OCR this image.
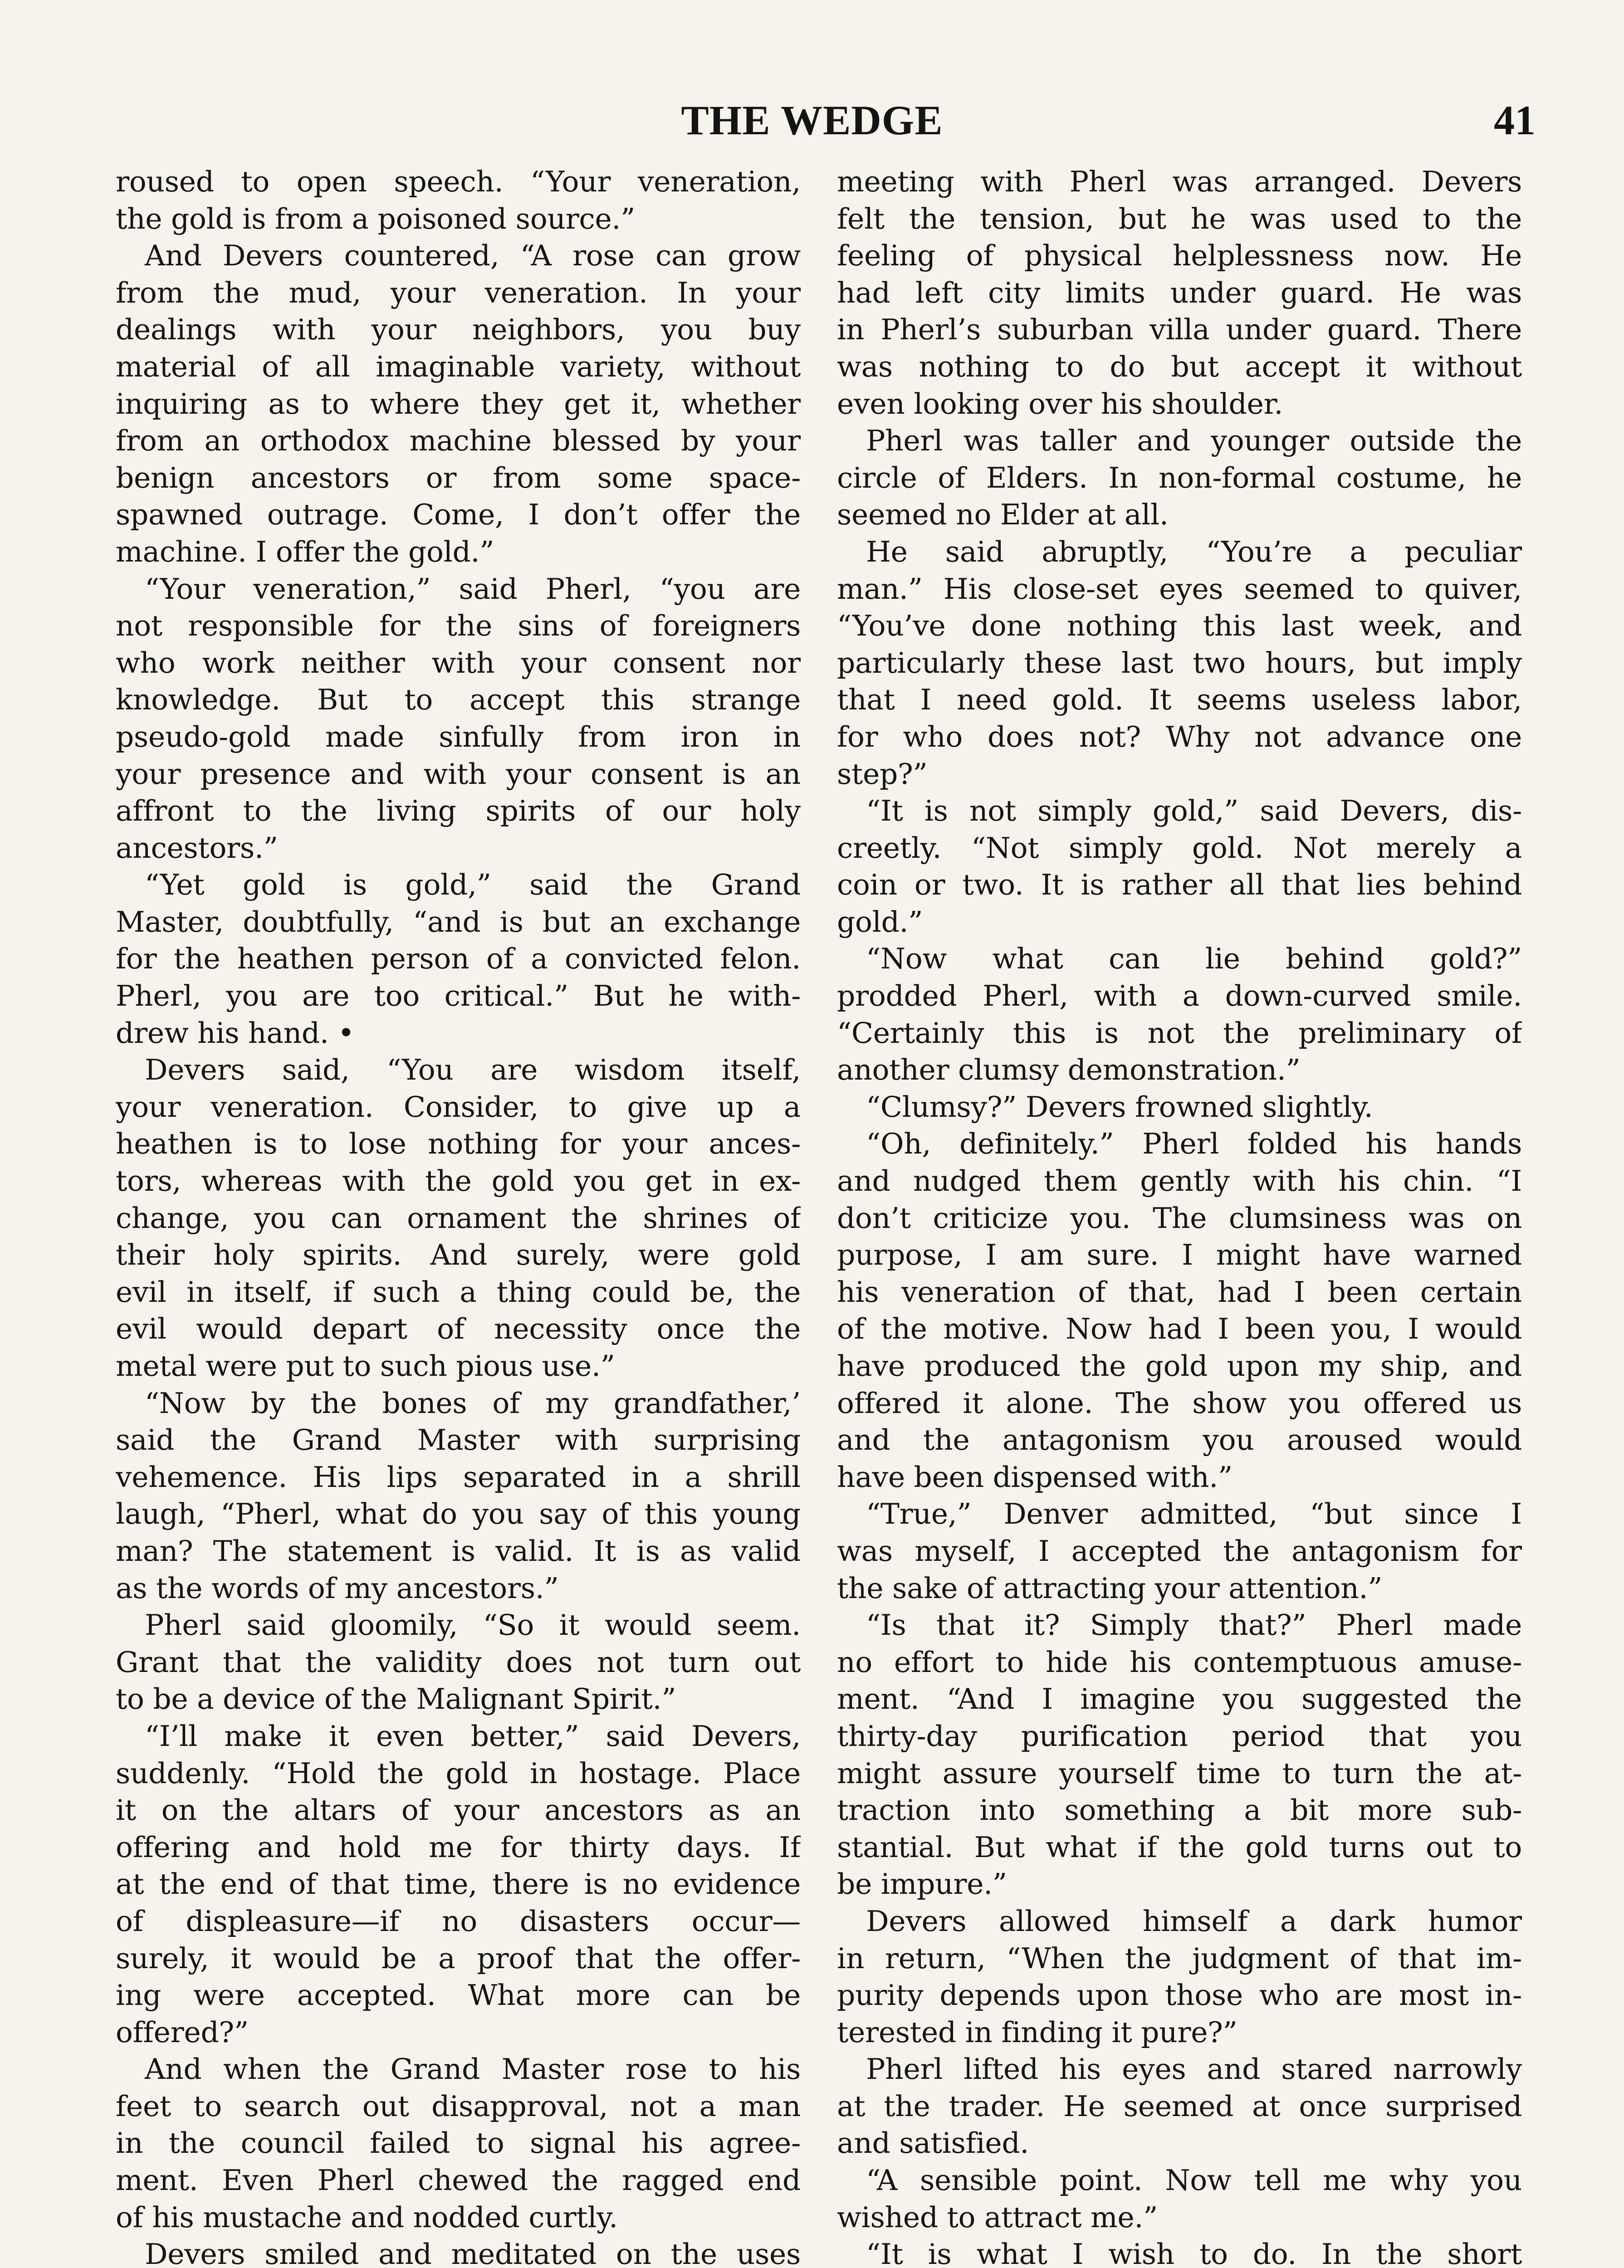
THE WEDGE	41
roused to open speech. “Your veneration,
the gold is from a poisoned source.”
And Devers countered, “A rose can grow
from the mud, your veneration. In your
dealings with your neighbors, you buy
material of all imaginable variety, without
inquiring as to where they get it, whether
from an orthodox machine blessed by your
benign ancestors or from some space-
spawned outrage. Come, I don’t offer the
machine. I offer the gold.”
“Your veneration,” said Pherl, “you are
not responsible for the sins of foreigners
who work neither with your consent nor
knowledge. But to accept this strange
pseudo-gold made sinfully from iron in
your presence and with your consent is an
affront to the living spirits of our holy
ancestors.”
“Yet gold is gold,” said the Grand
Master, doubtfully, “and is but an exchange
for the heathen person of a convicted felon.
Pherl, you are too critical.” But he with-
drew his hand. •
Devers said, “You are wisdom itself,
your veneration. Consider, to give up a
heathen is to lose nothing for your ances-
tors, whereas with the gold you get in ex-
change, you can ornament the shrines of
their holy spirits. And surely, were gold
evil in itself, if such a thing could be, the
evil would depart of necessity once the
metal were put to such pious use.”
“Now by the bones of my grandfather,’
said the Grand Master with surprising
vehemence. His lips separated in a shrill
laugh, “Pherl, what do you say of this young
man? The statement is valid. It is as valid
as the words of my ancestors.”
Pherl said gloomily, “So it would seem.
Grant that the validity does not turn out
to be a device of the Malignant Spirit.”
“I’ll make it even better,” said Devers,
suddenly. “Hold the gold in hostage. Place
it on the altars of your ancestors as an
offering and hold me for thirty days. If
at the end of that time, there is no evidence
of displeasure—if no disasters occur—
surely, it would be a proof that the offer-
ing were accepted. What more can be
offered?”
And when the Grand Master rose to his
feet to search out disapproval, not a man
in the council failed to signal his agree-
ment. Even Pherl chewed the ragged end
of his mustache and nodded curtly.
Devers smiled and meditated on the uses
meeting with Pherl was arranged. Devers
felt the tension, but he was used to the
feeling of physical helplessness now. He
had left city limits under guard. He was
in Pherl’s suburban villa under guard. There
was nothing to do but accept it without
even looking over his shoulder.
Pherl was taller and younger outside the
circle of Elders. In non-formal costume, he
seemed no Elder at all.
He said abruptly, “You’re a peculiar
man.” His close-set eyes seemed to quiver,
“You’ve done nothing this last week, and
particularly these last two hours, but imply
that I need gold. It seems useless labor,
for who does not? Why not advance one
step?”
“It is not simply gold,” said Devers, dis-
creetly. “Not simply gold. Not merely a
coin or two. It is rather all that lies behind
gold.”
“Now what can lie behind gold?”
prodded Pherl, with a down-curved smile.
“Certainly this is not the preliminary of
another clumsy demonstration.”
“Clumsy?” Devers frowned slightly.
“Oh, definitely.” Pherl folded his hands
and nudged them gently with his chin. “I
don’t criticize you. The clumsiness was on
purpose, I am sure. I might have warned
his veneration of that, had I been certain
of the motive. Now had I been you, I would
have produced the gold upon my ship, and
offered it alone. The show you offered us
and the antagonism you aroused would
have been dispensed with.”
“True,” Denver admitted, “but since I
was myself, I accepted the antagonism for
the sake of attracting your attention.”
“Is that it? Simply that?” Pherl made
no effort to hide his contemptuous amuse-
ment. “And I imagine you suggested the
thirty-day purification period that you
might assure yourself time to turn the at-
traction into something a bit more sub-
stantial. But what if the gold turns out to
be impure.”
Devers allowed himself a dark humor
in return, “When the judgment of that im-
purity depends upon those who are most in-
terested in finding it pure?”
Pherl lifted his eyes and stared narrowly
at the trader. He seemed at once surprised
and satisfied.
“A sensible point. Now tell me why you
wished to attract me.”
“It is what I wish to do. In the short
